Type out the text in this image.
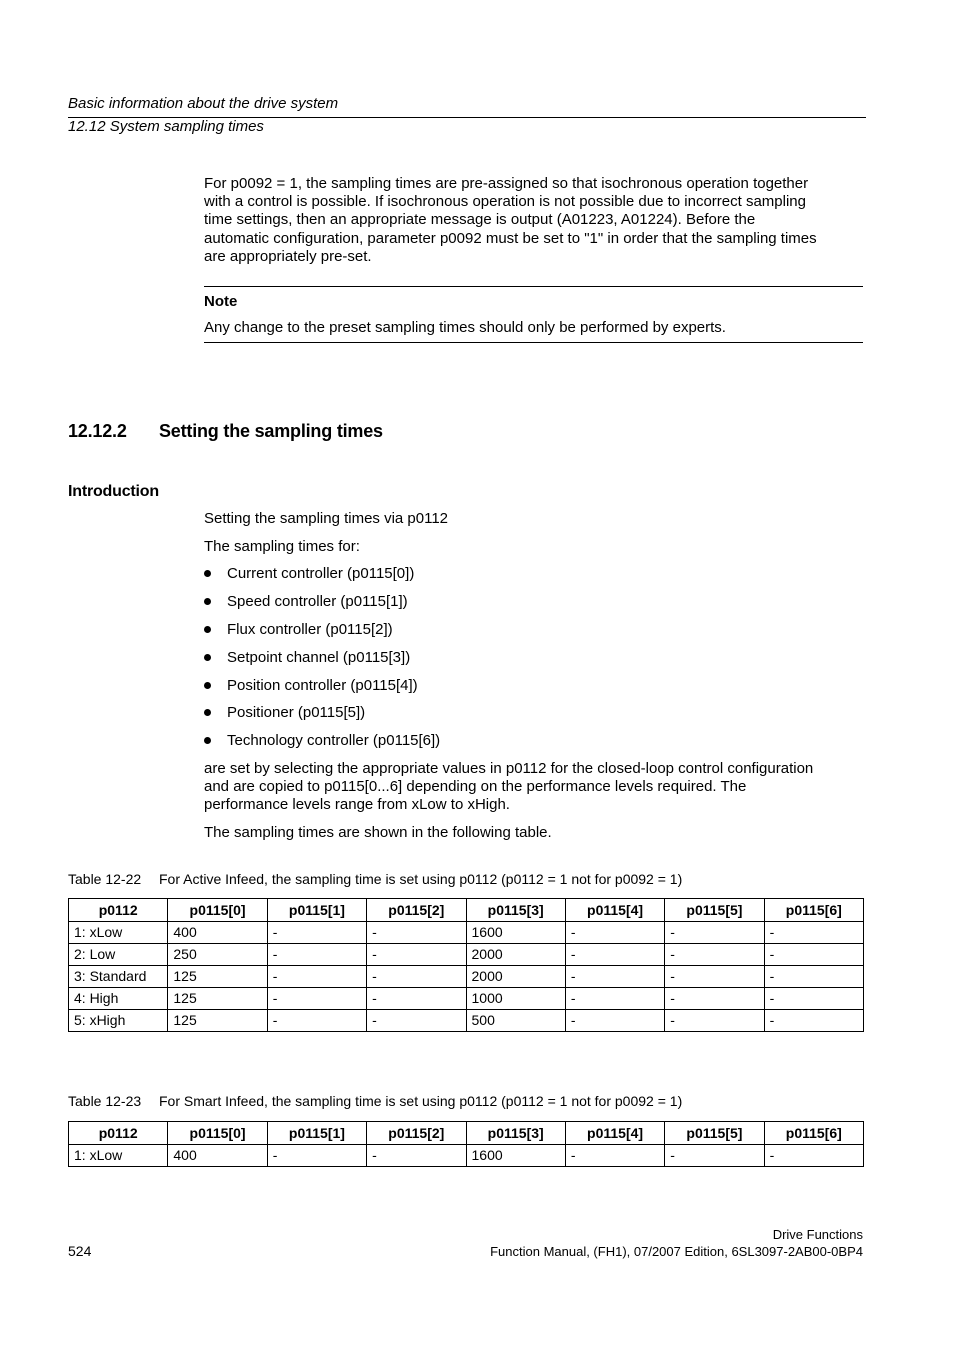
Basic information about the drive system
12.12 System sampling times
For p0092 = 1, the sampling times are pre-assigned so that isochronous operation together
with a control is possible. If isochronous operation is not possible due to incorrect sampling
time settings, then an appropriate message is output (A01223, A01224). Before the
automatic configuration, parameter p0092 must be set to "1" in order that the sampling times
are appropriately pre-set.
Note
Any change to the preset sampling times should only be performed by experts.
12.12.2 Setting the sampling times
Introduction
Setting the sampling times via p0112
The sampling times for:
Current controller (p0115[0])
Speed controller (p0115[1])
Flux controller (p0115[2])
Setpoint channel (p0115[3])
Position controller (p0115[4])
Positioner (p0115[5])
Technology controller (p0115[6])
are set by selecting the appropriate values in p0112 for the closed-loop control configuration
and are copied to p0115[0...6] depending on the performance levels required. The
performance levels range from xLow to xHigh.
The sampling times are shown in the following table.
Table 12-22 For Active Infeed, the sampling time is set using p0112 (p0112 = 1 not for p0092 = 1)
p0112	p0115[0]	p0115[1]	p0115[2]	p0115[3]	p0115[4]	p0115[5]	p0115[6]
1: xLow	400	-	-	1600	-	-	-
2: Low	250	-	-	2000	-	-	-
3: Standard	125	-	-	2000	-	-	-
4: High	125	-	-	1000	-	-	-
5: xHigh	125	-	-	500	-	-	-
Table 12-23 For Smart Infeed, the sampling time is set using p0112 (p0112 = 1 not for p0092 = 1)
p0112	p0115[0]	p0115[1]	p0115[2]	p0115[3]	p0115[4]	p0115[5]	p0115[6]
1: xLow	400	-	-	1600	-	-	-
524
Drive Functions
Function Manual, (FH1), 07/2007 Edition, 6SL3097-2AB00-0BP4
